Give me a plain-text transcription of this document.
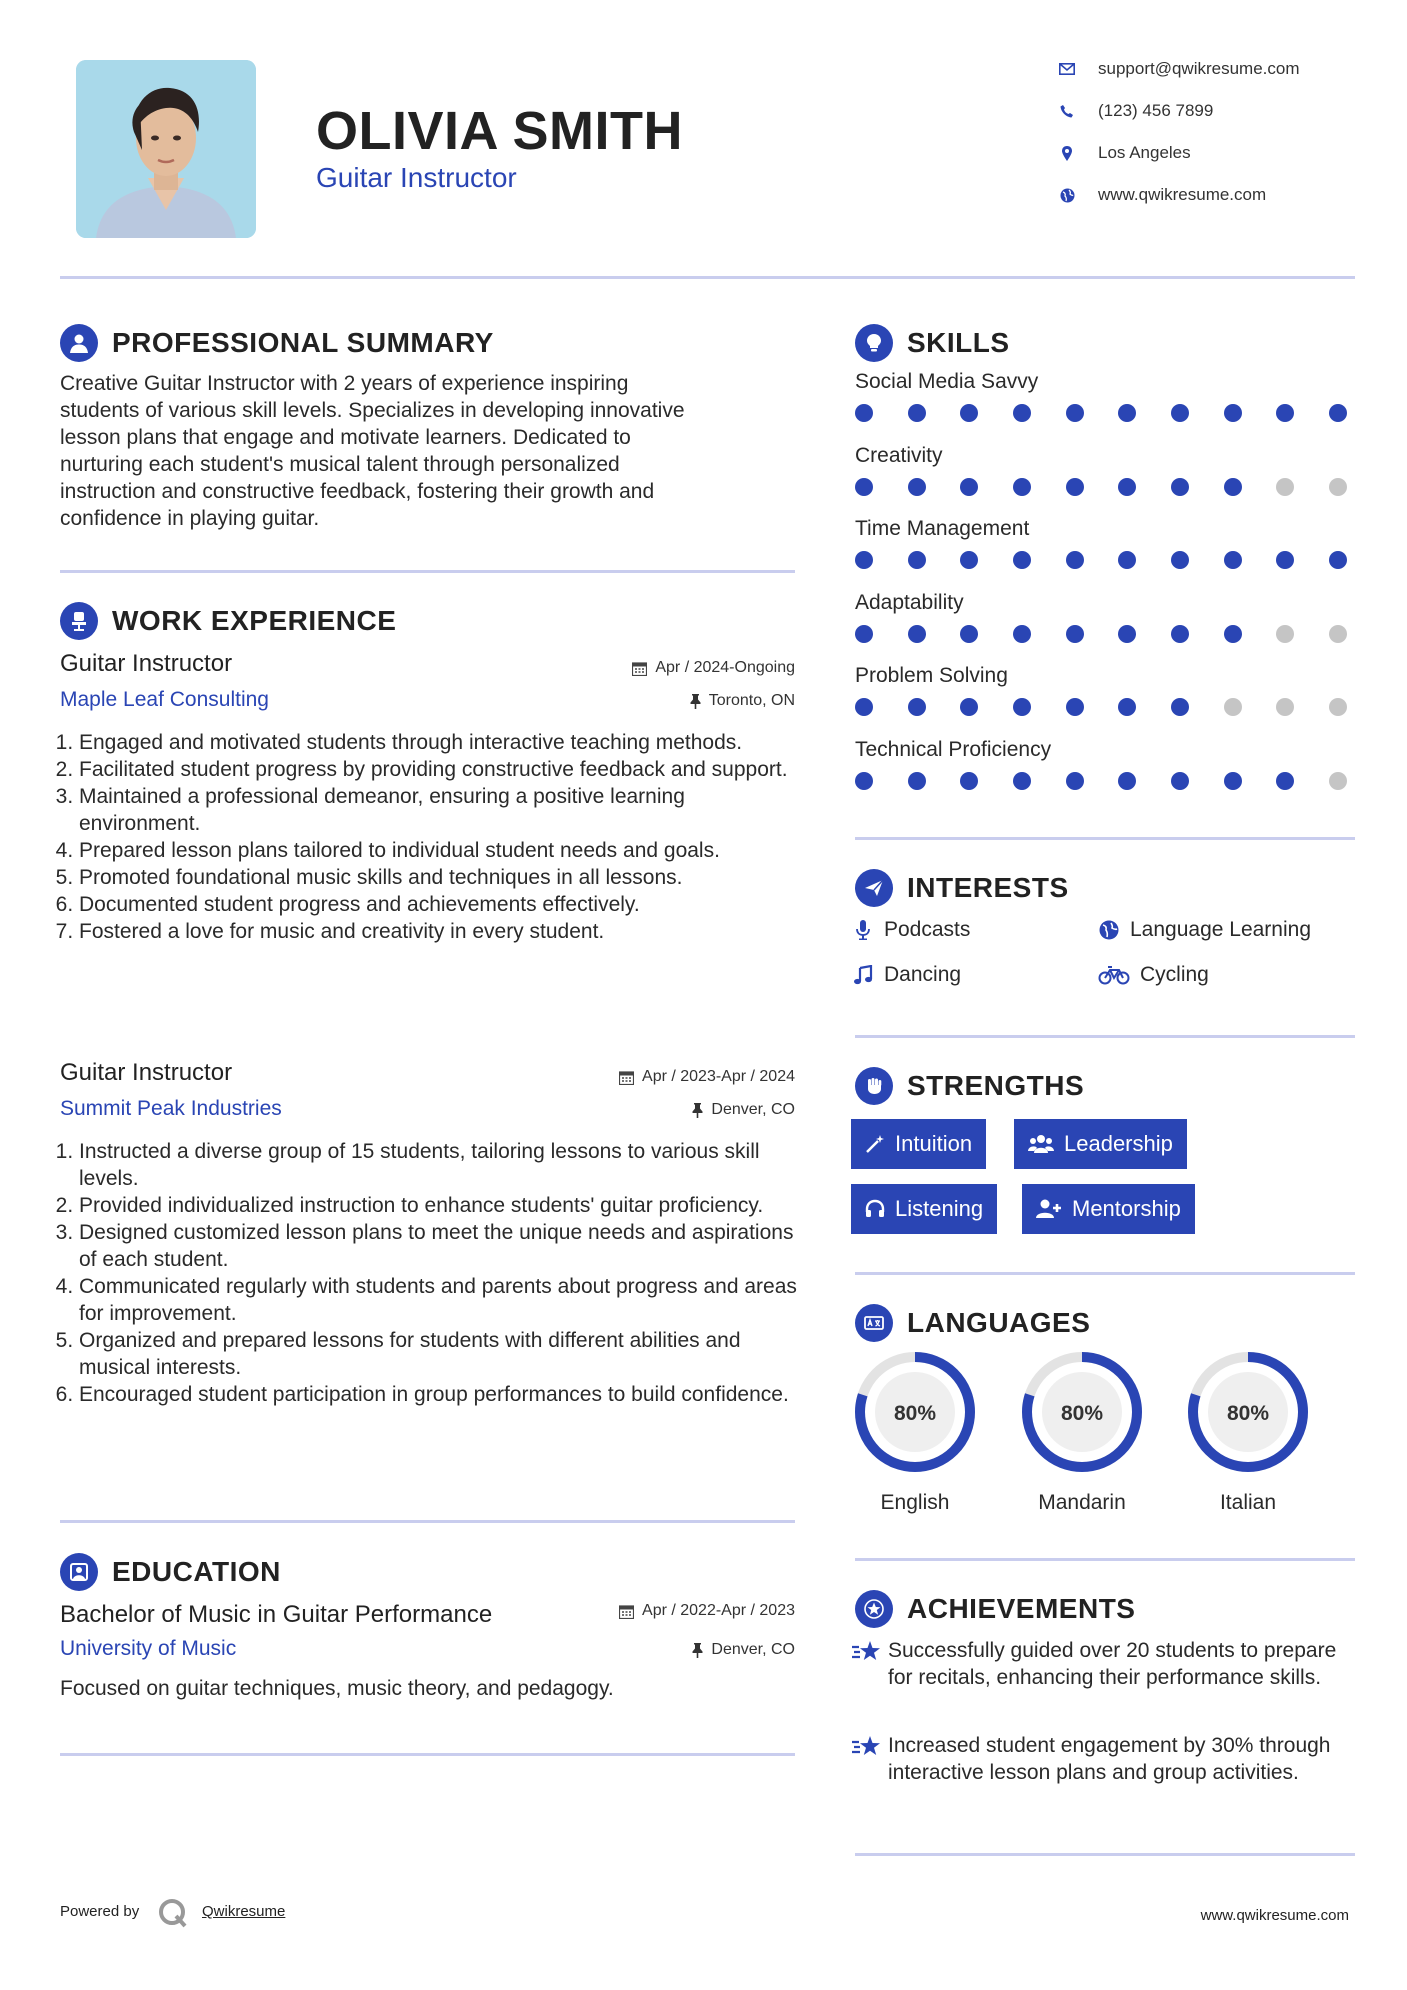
OLIVIA SMITH
Guitar Instructor
support@qwikresume.com
(123) 456 7899
Los Angeles
www.qwikresume.com
PROFESSIONAL SUMMARY
Creative Guitar Instructor with 2 years of experience inspiring
students of various skill levels. Specializes in developing innovative
lesson plans that engage and motivate learners. Dedicated to
nurturing each student's musical talent through personalized
instruction and constructive feedback, fostering their growth and
confidence in playing guitar.
WORK EXPERIENCE
Guitar Instructor	Apr / 2024-Ongoing
Maple Leaf Consulting	Toronto, ON
1. Engaged and motivated students through interactive teaching methods.
2. Facilitated student progress by providing constructive feedback and support.
3. Maintained a professional demeanor, ensuring a positive learning environment.
4. Prepared lesson plans tailored to individual student needs and goals.
5. Promoted foundational music skills and techniques in all lessons.
6. Documented student progress and achievements effectively.
7. Fostered a love for music and creativity in every student.
Guitar Instructor	Apr / 2023-Apr / 2024
Summit Peak Industries	Denver, CO
1. Instructed a diverse group of 15 students, tailoring lessons to various skill levels.
2. Provided individualized instruction to enhance students' guitar proficiency.
3. Designed customized lesson plans to meet the unique needs and aspirations of each student.
4. Communicated regularly with students and parents about progress and areas for improvement.
5. Organized and prepared lessons for students with different abilities and musical interests.
6. Encouraged student participation in group performances to build confidence.
EDUCATION
Bachelor of Music in Guitar Performance	Apr / 2022-Apr / 2023
University of Music	Denver, CO
Focused on guitar techniques, music theory, and pedagogy.
SKILLS
Social Media Savvy
Creativity
Time Management
Adaptability
Problem Solving
Technical Proficiency
INTERESTS
Podcasts	Language Learning
Dancing	Cycling
STRENGTHS
Intuition	Leadership
Listening	Mentorship
LANGUAGES
80%
English
80%
Mandarin
80%
Italian
ACHIEVEMENTS
Successfully guided over 20 students to prepare for recitals, enhancing their performance skills.
Increased student engagement by 30% through interactive lesson plans and group activities.
Powered by	Qwikresume	www.qwikresume.com
